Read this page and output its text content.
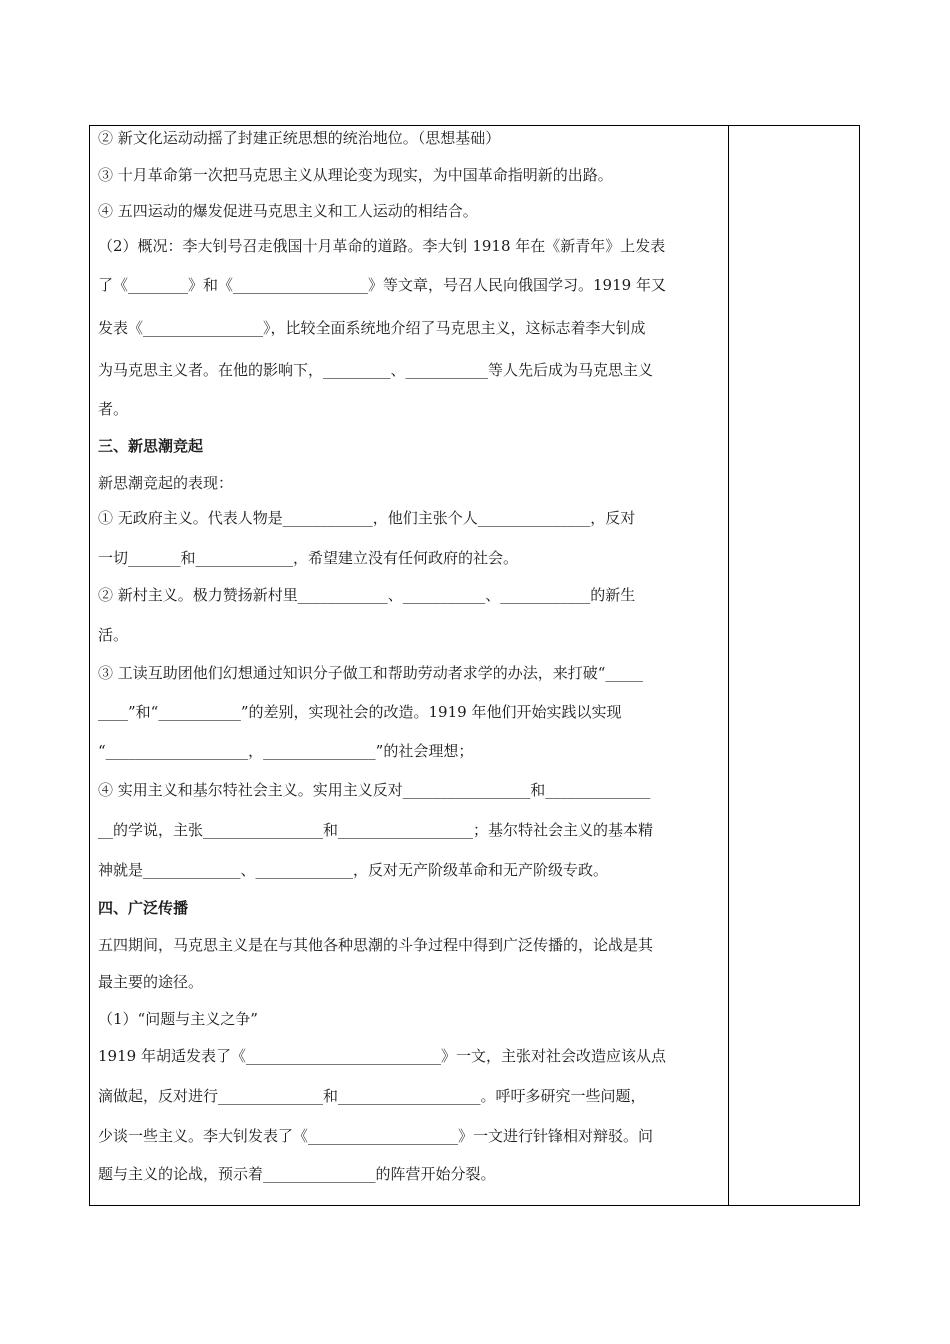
② 新文化运动动摇了封建正统思想的统治地位。（思想基础）
③ 十月革命第一次把马克思主义从理论变为现实，为中国革命指明新的出路。
④ 五四运动的爆发促进马克思主义和工人运动的相结合。
（2）概况：李大钊号召走俄国十月革命的道路。李大钊 1918 年在《新青年》上发表
了《________》和《__________________》等文章，号召人民向俄国学习。1919 年又
发表《________________》，比较全面系统地介绍了马克思主义，这标志着李大钊成
为马克思主义者。在他的影响下，_________、___________等人先后成为马克思主义
者。
三、新思潮竞起
新思潮竞起的表现：
① 无政府主义。代表人物是____________，他们主张个人_______________，反对
一切_______和_____________，希望建立没有任何政府的社会。
② 新村主义。极力赞扬新村里____________、___________、____________的新生
活。
③ 工读互助团他们幻想通过知识分子做工和帮助劳动者求学的办法，来打破“_____
____”和“___________”的差别，实现社会的改造。1919 年他们开始实践以实现
“___________________，_______________”的社会理想；
④ 实用主义和基尔特社会主义。实用主义反对_________________和______________
__的学说，主张________________和__________________；基尔特社会主义的基本精
神就是_____________、_____________，反对无产阶级革命和无产阶级专政。
四、广泛传播
五四期间，马克思主义是在与其他各种思潮的斗争过程中得到广泛传播的，论战是其
最主要的途径。
（1）“问题与主义之争”
1919 年胡适发表了《__________________________》一文，主张对社会改造应该从点
滴做起，反对进行______________和___________________。呼吁多研究一些问题，
少谈一些主义。李大钊发表了《____________________》一文进行针锋相对辩驳。问
题与主义的论战，预示着_______________的阵营开始分裂。
